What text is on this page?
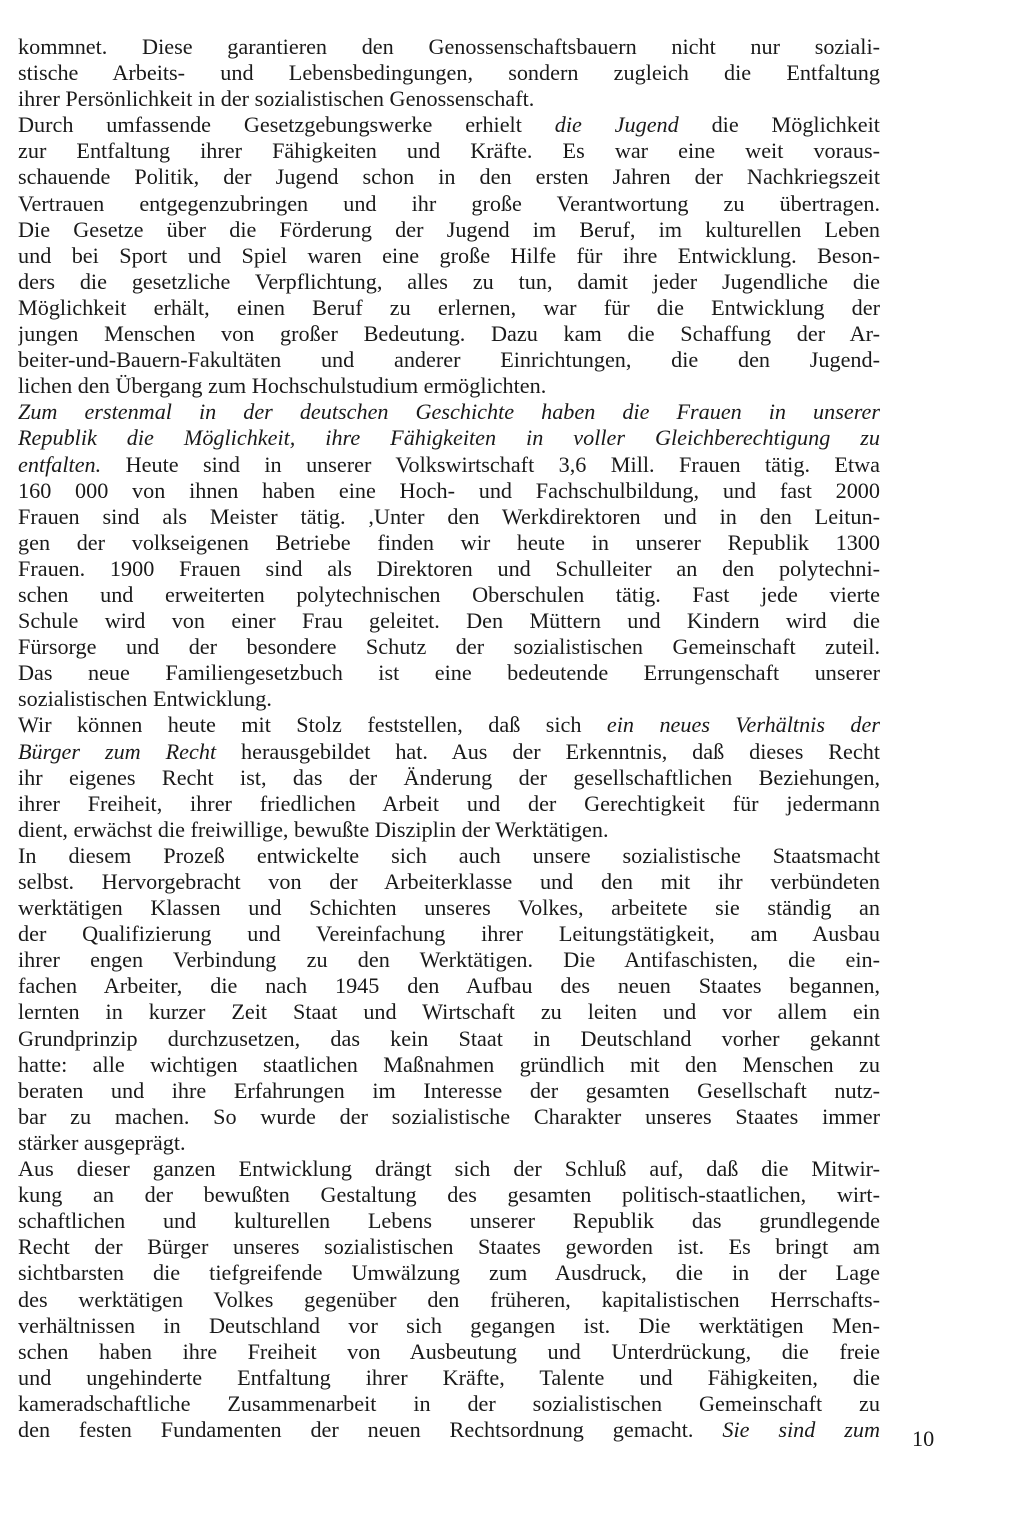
kommnet. Diese garantieren den Genossenschaftsbauern nicht nur soziali-
stische Arbeits- und Lebensbedingungen, sondern zugleich die Entfaltung
ihrer Persönlichkeit in der sozialistischen Genossenschaft.
Durch umfassende Gesetzgebungswerke erhielt die Jugend die Möglichkeit
zur Entfaltung ihrer Fähigkeiten und Kräfte. Es war eine weit voraus-
schauende Politik, der Jugend schon in den ersten Jahren der Nachkriegszeit
Vertrauen entgegenzubringen und ihr große Verantwortung zu übertragen.
Die Gesetze über die Förderung der Jugend im Beruf, im kulturellen Leben
und bei Sport und Spiel waren eine große Hilfe für ihre Entwicklung. Beson-
ders die gesetzliche Verpflichtung, alles zu tun, damit jeder Jugendliche die
Möglichkeit erhält, einen Beruf zu erlernen, war für die Entwicklung der
jungen Menschen von großer Bedeutung. Dazu kam die Schaffung der Ar-
beiter-und-Bauern-Fakultäten und anderer Einrichtungen, die den Jugend-
lichen den Übergang zum Hochschulstudium ermöglichten.
Zum erstenmal in der deutschen Geschichte haben die Frauen in unserer
Republik die Möglichkeit, ihre Fähigkeiten in voller Gleichberechtigung zu
entfalten. Heute sind in unserer Volkswirtschaft 3,6 Mill. Frauen tätig. Etwa
160 000 von ihnen haben eine Hoch- und Fachschulbildung, und fast 2000
Frauen sind als Meister tätig. ,Unter den Werkdirektoren und in den Leitun-
gen der volkseigenen Betriebe finden wir heute in unserer Republik 1300
Frauen. 1900 Frauen sind als Direktoren und Schulleiter an den polytechni-
schen und erweiterten polytechnischen Oberschulen tätig. Fast jede vierte
Schule wird von einer Frau geleitet. Den Müttern und Kindern wird die
Fürsorge und der besondere Schutz der sozialistischen Gemeinschaft zuteil.
Das neue Familiengesetzbuch ist eine bedeutende Errungenschaft unserer
sozialistischen Entwicklung.
Wir können heute mit Stolz feststellen, daß sich ein neues Verhältnis der
Bürger zum Recht herausgebildet hat. Aus der Erkenntnis, daß dieses Recht
ihr eigenes Recht ist, das der Änderung der gesellschaftlichen Beziehungen,
ihrer Freiheit, ihrer friedlichen Arbeit und der Gerechtigkeit für jedermann
dient, erwächst die freiwillige, bewußte Disziplin der Werktätigen.
In diesem Prozeß entwickelte sich auch unsere sozialistische Staatsmacht
selbst. Hervorgebracht von der Arbeiterklasse und den mit ihr verbündeten
werktätigen Klassen und Schichten unseres Volkes, arbeitete sie ständig an
der Qualifizierung und Vereinfachung ihrer Leitungstätigkeit, am Ausbau
ihrer engen Verbindung zu den Werktätigen. Die Antifaschisten, die ein-
fachen Arbeiter, die nach 1945 den Aufbau des neuen Staates begannen,
lernten in kurzer Zeit Staat und Wirtschaft zu leiten und vor allem ein
Grundprinzip durchzusetzen, das kein Staat in Deutschland vorher gekannt
hatte: alle wichtigen staatlichen Maßnahmen gründlich mit den Menschen zu
beraten und ihre Erfahrungen im Interesse der gesamten Gesellschaft nutz-
bar zu machen. So wurde der sozialistische Charakter unseres Staates immer
stärker ausgeprägt.
Aus dieser ganzen Entwicklung drängt sich der Schluß auf, daß die Mitwir-
kung an der bewußten Gestaltung des gesamten politisch-staatlichen, wirt-
schaftlichen und kulturellen Lebens unserer Republik das grundlegende
Recht der Bürger unseres sozialistischen Staates geworden ist. Es bringt am
sichtbarsten die tiefgreifende Umwälzung zum Ausdruck, die in der Lage
des werktätigen Volkes gegenüber den früheren, kapitalistischen Herrschafts-
verhältnissen in Deutschland vor sich gegangen ist. Die werktätigen Men-
schen haben ihre Freiheit von Ausbeutung und Unterdrückung, die freie
und ungehinderte Entfaltung ihrer Kräfte, Talente und Fähigkeiten, die
kameradschaftliche Zusammenarbeit in der sozialistischen Gemeinschaft zu
den festen Fundamenten der neuen Rechtsordnung gemacht. Sie sind zum 10
